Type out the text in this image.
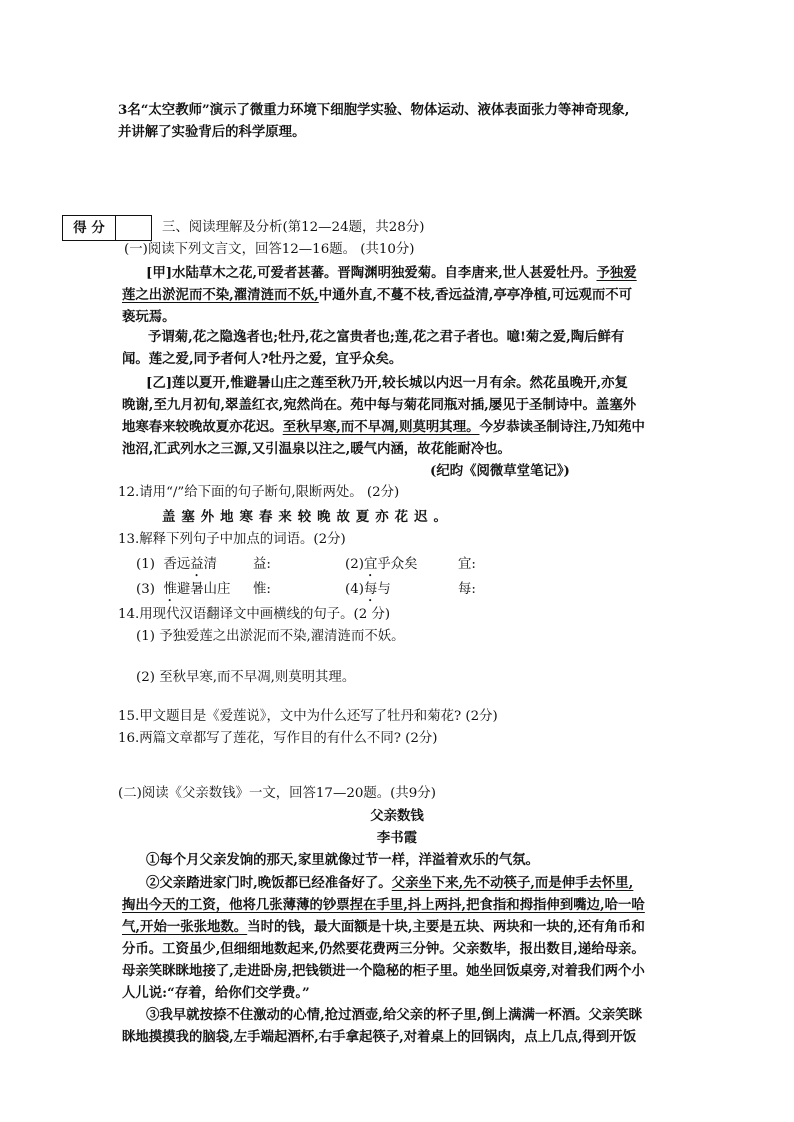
3名“太空教师”演示了微重力环境下细胞学实验、物体运动、液体表面张力等神奇现象,
并讲解了实验背后的科学原理。
得 分	三、阅读理解及分析(第12—24题，共28分)
(一)阅读下列文言文，回答12—16题。 (共10分)
[甲]水陆草木之花,可爱者甚蕃。晋陶渊明独爱菊。自李唐来,世人甚爱牡丹。予独爱
莲之出淤泥而不染,濯清涟而不妖,中通外直,不蔓不枝,香远益清,亭亭净植,可远观而不可
亵玩焉。
予谓菊,花之隐逸者也;牡丹,花之富贵者也;莲,花之君子者也。噫!菊之爱,陶后鲜有
闻。莲之爱,同予者何人?牡丹之爱，宜乎众矣。
[乙]莲以夏开,惟避暑山庄之莲至秋乃开,较长城以内迟一月有余。然花虽晚开,亦复
晚谢,至九月初旬,翠盖红衣,宛然尚在。苑中每与菊花同瓶对插,屡见于圣制诗中。盖塞外
地寒春来较晚故夏亦花迟。至秋早寒,而不早凋,则莫明其理。今岁恭读圣制诗注,乃知苑中
池沼,汇武列水之三源,又引温泉以注之,暖气内涵，故花能耐冷也。
(纪昀《阅微草堂笔记》)
12.请用“/”给下面的句子断句,限断两处。 (2分)
盖塞外地寒春来较晚故夏亦花迟。
13.解释下列句子中加点的词语。(2分)
(1) 香远益清	益:	(2)宜乎众矣	宜:
(3) 惟避暑山庄 惟:	(4)每与	每:
14.用现代汉语翻译文中画横线的句子。(2 分)
(1) 予独爱莲之出淤泥而不染,濯清涟而不妖。
(2) 至秋早寒,而不早凋,则莫明其理。
15.甲文题目是《爱莲说》，文中为什么还写了牡丹和菊花? (2分)
16.两篇文章都写了莲花，写作目的有什么不同? (2分)
(二)阅读《父亲数钱》一文，回答17—20题。(共9分)
父亲数钱
李书霞
①每个月父亲发饷的那天,家里就像过节一样，洋溢着欢乐的气氛。
②父亲踏进家门时,晚饭都已经准备好了。父亲坐下来,先不动筷子,而是伸手去怀里,
掏出今天的工资，他将几张薄薄的钞票捏在手里,抖上两抖,把食指和拇指伸到嘴边,哈一哈
气,开始一张张地数。当时的钱，最大面额是十块,主要是五块、两块和一块的,还有角币和
分币。工资虽少,但细细地数起来,仍然要花费两三分钟。父亲数毕，报出数目,递给母亲。
母亲笑眯眯地接了,走进卧房,把钱锁进一个隐秘的柜子里。她坐回饭桌旁,对着我们两个小
人儿说:“存着，给你们交学费。”
③我早就按捺不住激动的心情,抢过酒壶,给父亲的杯子里,倒上满满一杯酒。父亲笑眯
眯地摸摸我的脑袋,左手端起酒杯,右手拿起筷子,对着桌上的回锅肉，点上几点,得到开饭
